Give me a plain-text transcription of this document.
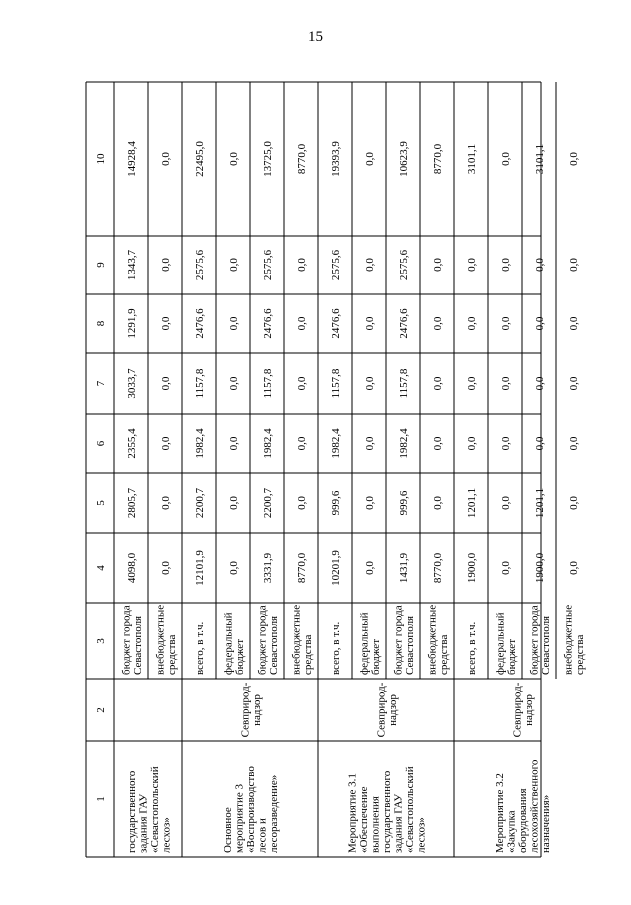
15
1
2
3
4
5
6
7
8
9
10
государственногозадания ГАУ«Севастопольскийлесхоз»
бюджет городаСевастополя
4098,0
2805,7
2355,4
3033,7
1291,9
1343,7
14928,4
внебюджетныесредства
0,0
0,0
0,0
0,0
0,0
0,0
0,0
Основноемероприятие 3«Воспроизводстволесов илесоразведение»
Севприрод-надзор
всего, в т.ч.
12101,9
2200,7
1982,4
1157,8
2476,6
2575,6
22495,0
федеральныйбюджет
0,0
0,0
0,0
0,0
0,0
0,0
0,0
бюджет городаСевастополя
3331,9
2200,7
1982,4
1157,8
2476,6
2575,6
13725,0
внебюджетныесредства
8770,0
0,0
0,0
0,0
0,0
0,0
8770,0
Мероприятие 3.1«Обеспечениевыполнениягосударственногозадания ГАУ«Севастопольскийлесхоз»
Севприрод-надзор
всего, в т.ч.
10201,9
999,6
1982,4
1157,8
2476,6
2575,6
19393,9
федеральныйбюджет
0,0
0,0
0,0
0,0
0,0
0,0
0,0
бюджет городаСевастополя
1431,9
999,6
1982,4
1157,8
2476,6
2575,6
10623,9
внебюджетныесредства
8770,0
0,0
0,0
0,0
0,0
0,0
8770,0
Мероприятие 3.2«Закупкаоборудованиялесохозяйственногоназначения»
Севприрод-надзор
всего, в т.ч.
1900,0
1201,1
0,0
0,0
0,0
0,0
3101,1
федеральныйбюджет
0,0
0,0
0,0
0,0
0,0
0,0
0,0
бюджет городаСевастополя
1900,0
1201,1
0,0
0,0
0,0
0,0
3101,1
внебюджетныесредства
0,0
0,0
0,0
0,0
0,0
0,0
0,0
